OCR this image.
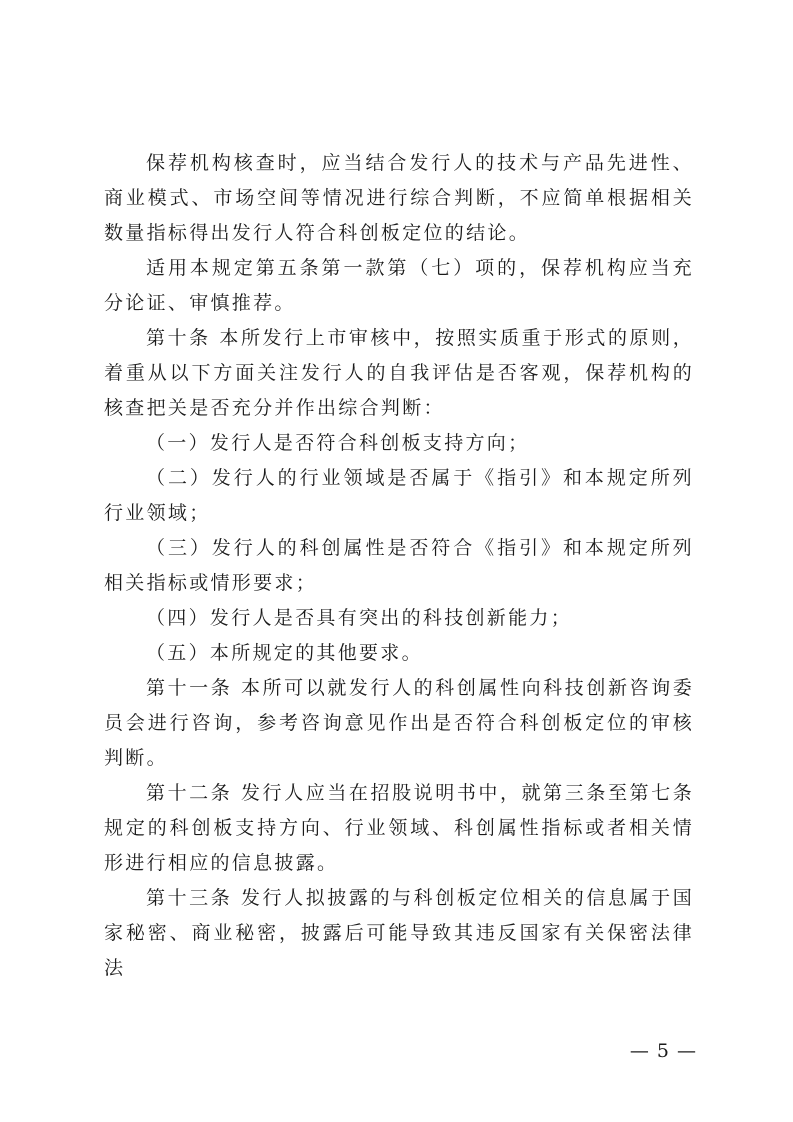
保荐机构核查时，应当结合发行人的技术与产品先进性、商业模式、市场空间等情况进行综合判断，不应简单根据相关数量指标得出发行人符合科创板定位的结论。

适用本规定第五条第一款第（七）项的，保荐机构应当充分论证、审慎推荐。

第十条 本所发行上市审核中，按照实质重于形式的原则，着重从以下方面关注发行人的自我评估是否客观，保荐机构的核查把关是否充分并作出综合判断：

（一）发行人是否符合科创板支持方向；

（二）发行人的行业领域是否属于《指引》和本规定所列行业领域；

（三）发行人的科创属性是否符合《指引》和本规定所列相关指标或情形要求；

（四）发行人是否具有突出的科技创新能力；

（五）本所规定的其他要求。

第十一条 本所可以就发行人的科创属性向科技创新咨询委员会进行咨询，参考咨询意见作出是否符合科创板定位的审核判断。

第十二条 发行人应当在招股说明书中，就第三条至第七条规定的科创板支持方向、行业领域、科创属性指标或者相关情形进行相应的信息披露。

第十三条 发行人拟披露的与科创板定位相关的信息属于国家秘密、商业秘密，披露后可能导致其违反国家有关保密法律法

— 5 —
